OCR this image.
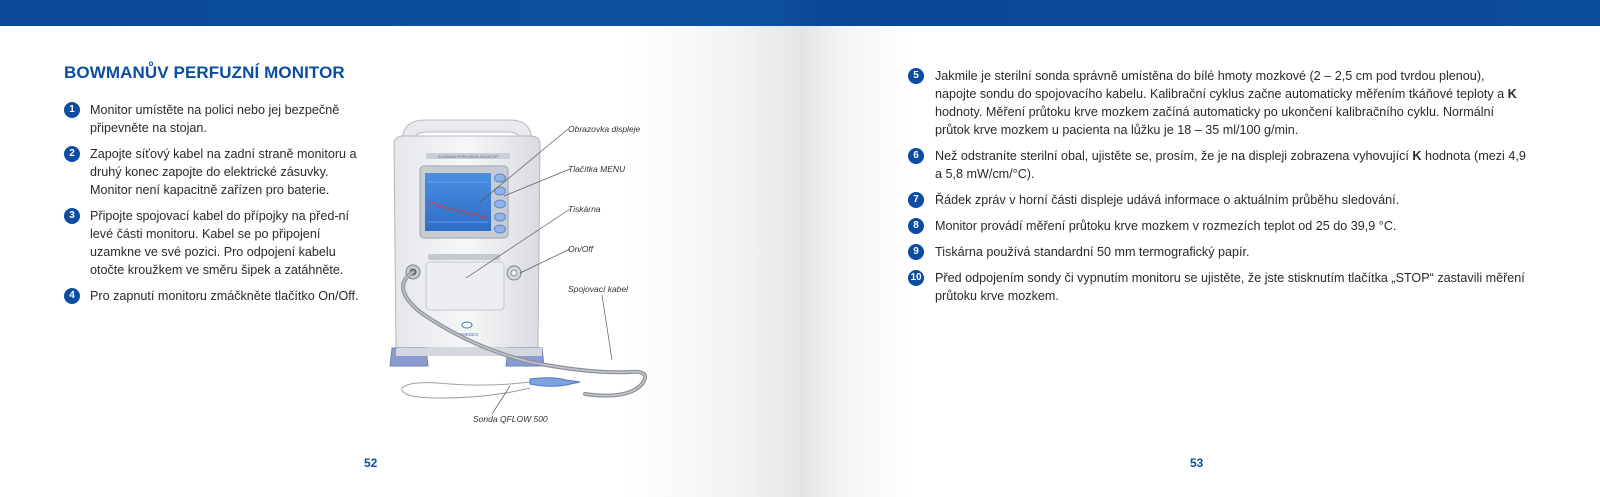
BOWMANŮV PERFUZNÍ MONITOR
1	Monitor umístěte na polici nebo jej bezpečně připevněte na stojan.
2	Zapojte síťový kabel na zadní straně monitoru a druhý konec zapojte do elektrické zásuvky. Monitor není kapacitně zařízen pro baterie.
3	Připojte spojovací kabel do přípojky na před-ní levé části monitoru. Kabel se po připojení uzamkne ve své pozici. Pro odpojení kabelu otočte kroužkem ve směru šipek a zatáhněte.
4	Pro zapnutí monitoru zmáčkněte tlačítko On/Off.
BOWMAN PERFUSION MONITOR
HEMEDEX
Obrazovka displeje
Tlačítka MENU
Tiskárna
On/Off
Spojovací kabel
Sonda QFLOW 500
52
5	Jakmile je sterilní sonda správně umístěna do bílé hmoty mozkové (2 – 2,5 cm pod tvrdou plenou), napojte sondu do spojovacího kabelu. Kalibrační cyklus začne automaticky měřením tkáňové teploty a K hodnoty. Měření průtoku krve mozkem začíná automaticky po ukončení kalibračního cyklu. Normální průtok krve mozkem u pacienta na lůžku je 18 – 35 ml/100 g/min.
6	Než odstraníte sterilní obal, ujistěte se, prosím, že je na displeji zobrazena vyhovující K hodnota (mezi 4,9 a 5,8 mW/cm/°C).
7	Řádek zpráv v horní části displeje udává informace o aktuálním průběhu sledování.
8	Monitor provádí měření průtoku krve mozkem v rozmezích teplot od 25 do 39,9 °C.
9	Tiskárna používá standardní 50 mm termografický papír.
10 Před odpojením sondy či vypnutím monitoru se ujistěte, že jste stisknutím tlačítka „STOP“ zastavili měření průtoku krve mozkem.
53
